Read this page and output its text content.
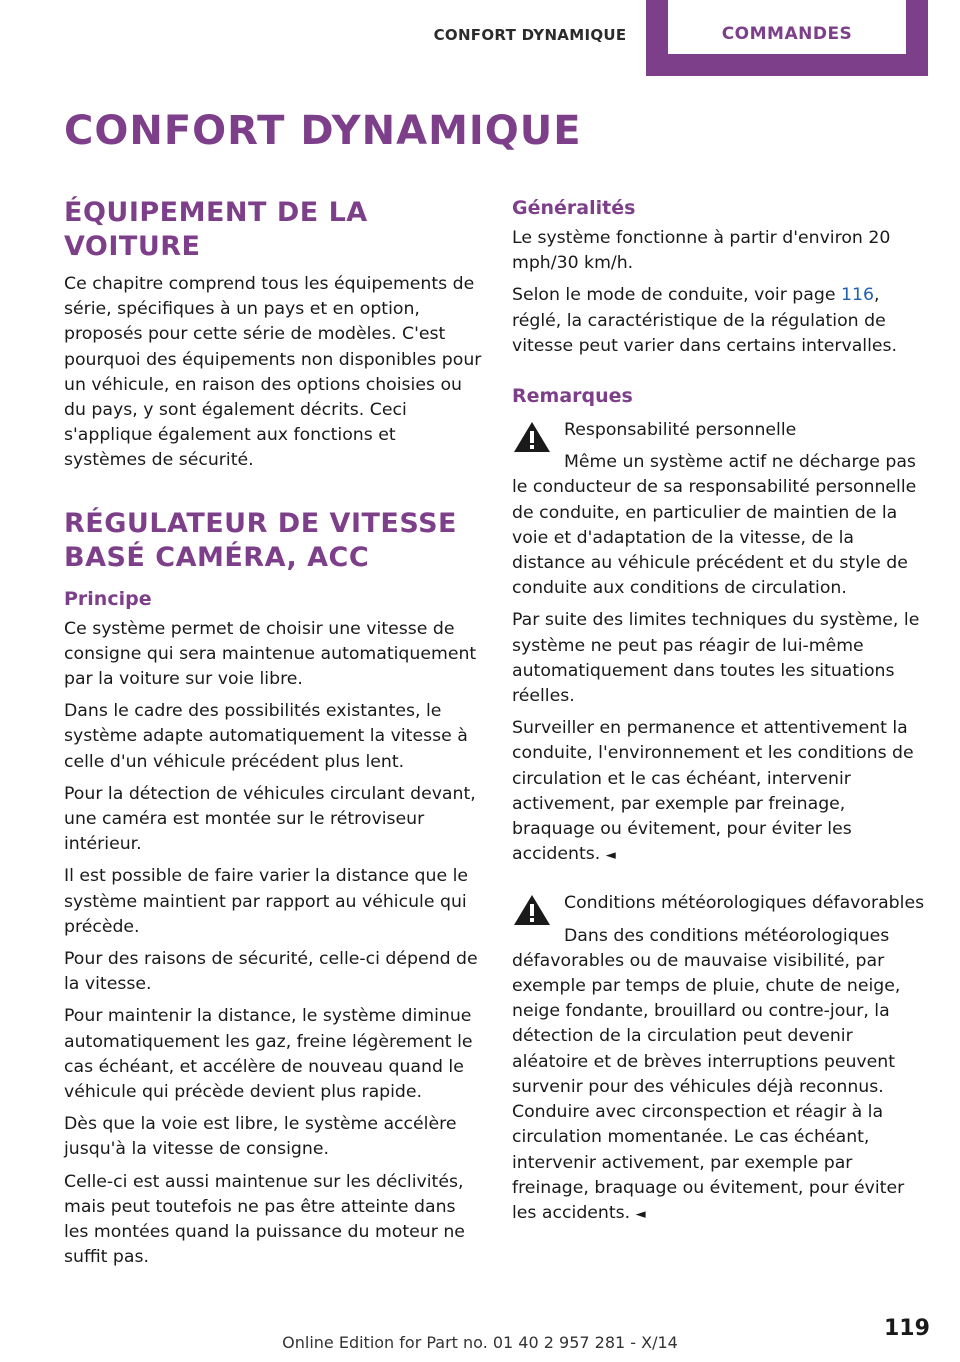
CONFORT DYNAMIQUE	COMMANDES
CONFORT DYNAMIQUE
ÉQUIPEMENT DE LA VOITURE

Ce chapitre comprend tous les équipements de série, spécifiques à un pays et en option, proposés pour cette série de modèles. C'est pourquoi des équipements non disponibles pour un véhicule, en raison des options choisies ou du pays, y sont également décrits. Ceci s'applique également aux fonctions et systèmes de sécurité.

RÉGULATEUR DE VITESSE
BASÉ CAMÉRA, ACC
Principe

Ce système permet de choisir une vitesse de consigne qui sera maintenue automatiquement par la voiture sur voie libre.

Dans le cadre des possibilités existantes, le système adapte automatiquement la vitesse à celle d'un véhicule précédent plus lent.

Pour la détection de véhicules circulant devant, une caméra est montée sur le rétroviseur intérieur.

Il est possible de faire varier la distance que le système maintient par rapport au véhicule qui précède.

Pour des raisons de sécurité, celle-ci dépend de la vitesse.

Pour maintenir la distance, le système diminue automatiquement les gaz, freine légèrement le cas échéant, et accélère de nouveau quand le véhicule qui précède devient plus rapide.

Dès que la voie est libre, le système accélère jusqu'à la vitesse de consigne.

Celle-ci est aussi maintenue sur les déclivités, mais peut toutefois ne pas être atteinte dans les montées quand la puissance du moteur ne suffit pas.

Généralités

Le système fonctionne à partir d'environ 20 mph/30 km/h.

Selon le mode de conduite, voir page 116, réglé, la caractéristique de la régulation de vitesse peut varier dans certains intervalles.

Remarques

Responsabilité personnelle

Même un système actif ne décharge pas le conducteur de sa responsabilité personnelle de conduite, en particulier de maintien de la voie et d'adaptation de la vitesse, de la distance au véhicule précédent et du style de conduite aux conditions de circulation.

Par suite des limites techniques du système, le système ne peut pas réagir de lui-même automatiquement dans toutes les situations réelles.

Surveiller en permanence et attentivement la conduite, l'environnement et les conditions de circulation et le cas échéant, intervenir activement, par exemple par freinage, braquage ou évitement, pour éviter les accidents. ◄

Conditions météorologiques défavorables

Dans des conditions météorologiques défavorables ou de mauvaise visibilité, par exemple par temps de pluie, chute de neige, neige fondante, brouillard ou contre-jour, la détection de la circulation peut devenir aléatoire et de brèves interruptions peuvent survenir pour des véhicules déjà reconnus. Conduire avec circonspection et réagir à la circulation momentanée. Le cas échéant, intervenir activement, par exemple par freinage, braquage ou évitement, pour éviter les accidents. ◄

119
Online Edition for Part no. 01 40 2 957 281 - X/14
